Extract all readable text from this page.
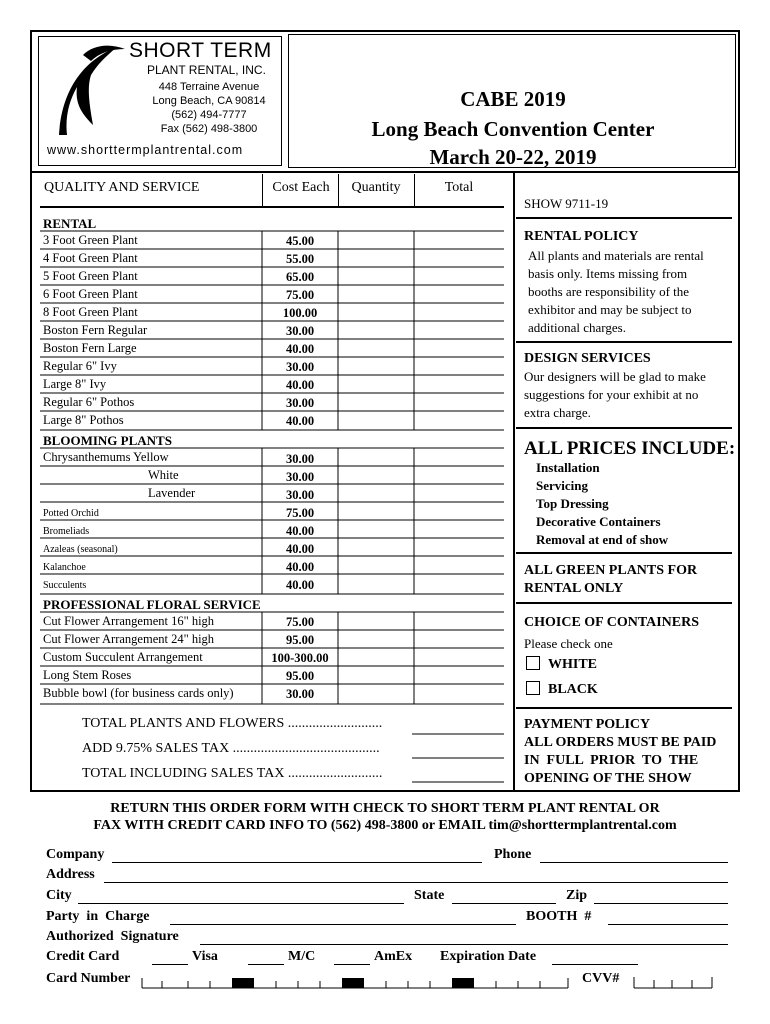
SHORT TERM
PLANT RENTAL, INC.
448 Terraine Avenue
Long Beach, CA 90814
(562) 494-7777
Fax (562) 498-3800
www.shorttermplantrental.com
CABE 2019
Long Beach Convention Center
March 20-22, 2019
QUALITY AND SERVICE	Cost Each	Quantity	Total
RENTAL
BLOOMING PLANTS
PROFESSIONAL FLORAL SERVICE
3 Foot Green Plant	45.00
4 Foot Green Plant	55.00
5 Foot Green Plant	65.00
6 Foot Green Plant	75.00
8 Foot Green Plant	100.00
Boston Fern Regular	30.00
Boston Fern Large	40.00
Regular 6" Ivy	30.00
Large 8" Ivy	40.00
Regular 6" Pothos	30.00
Large 8" Pothos	40.00
Chrysanthemums Yellow	30.00
White	30.00
Lavender	30.00
Potted Orchid	75.00
Bromeliads	40.00
Azaleas (seasonal)	40.00
Kalanchoe	40.00
Succulents	40.00
Cut Flower Arrangement 16" high	75.00
Cut Flower Arrangement 24" high	95.00
Custom Succulent Arrangement	100-300.00
Long Stem Roses	95.00
Bubble bowl (for business cards only)	30.00
TOTAL PLANTS AND FLOWERS ...........................
ADD 9.75% SALES TAX ..........................................
TOTAL INCLUDING SALES TAX ...........................
SHOW 9711-19
RENTAL POLICY
All plants and materials are rental
basis only. Items missing from
booths are responsibility of the
exhibitor and may be subject to
additional charges.
DESIGN SERVICES
Our designers will be glad to make
suggestions for your exhibit at no
extra charge.
ALL PRICES INCLUDE:
Installation
Servicing
Top Dressing
Decorative Containers
Removal at end of show
ALL GREEN PLANTS FOR
RENTAL ONLY
CHOICE OF CONTAINERS
Please check one
WHITE
BLACK
PAYMENT POLICY
ALL ORDERS MUST BE PAID
IN  FULL  PRIOR  TO  THE
OPENING OF THE SHOW
RETURN THIS ORDER FORM WITH CHECK TO SHORT TERM PLANT RENTAL OR
FAX WITH CREDIT CARD INFO TO (562) 498-3800 or EMAIL tim@shorttermplantrental.com
Company	Phone
Address
City	State	Zip
Party  in  Charge	BOOTH  #
Authorized  Signature
Credit Card	Visa	M/C	AmEx Expiration Date
Card Number	CVV#
